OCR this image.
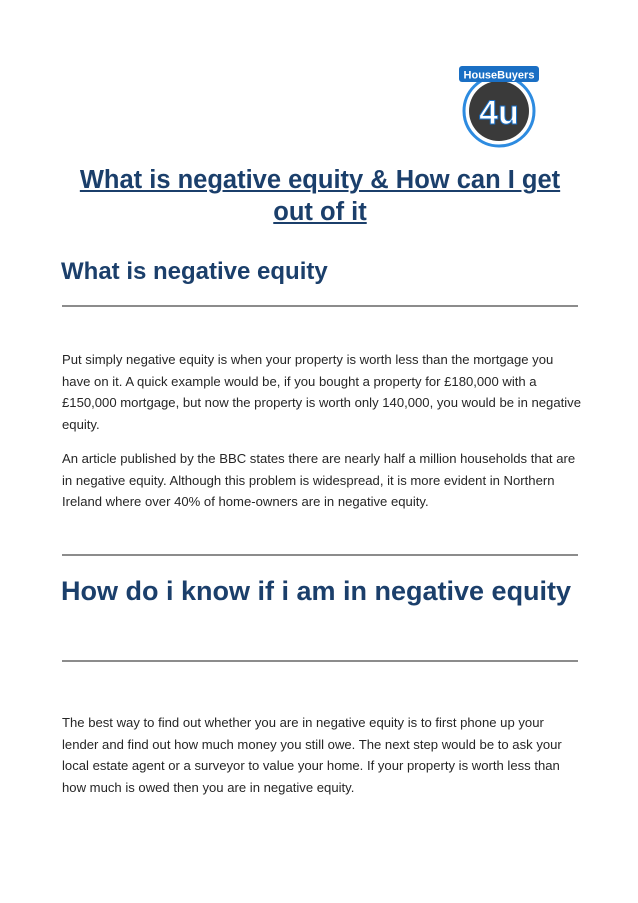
HouseBuyers
4u
What is negative equity & How can I get out of it
What is negative equity

Put simply negative equity is when your property is worth less than the mortgage you have on it. A quick example would be, if you bought a property for £180,000 with a £150,000 mortgage, but now the property is worth only 140,000, you would be in negative equity.

An article published by the BBC states there are nearly half a million households that are in negative equity. Although this problem is widespread, it is more evident in Northern Ireland where over 40% of home-owners are in negative equity.

How do i know if i am in negative equity

The best way to find out whether you are in negative equity is to first phone up your lender and find out how much money you still owe. The next step would be to ask your local estate agent or a surveyor to value your home. If your property is worth less than how much is owed then you are in negative equity.
